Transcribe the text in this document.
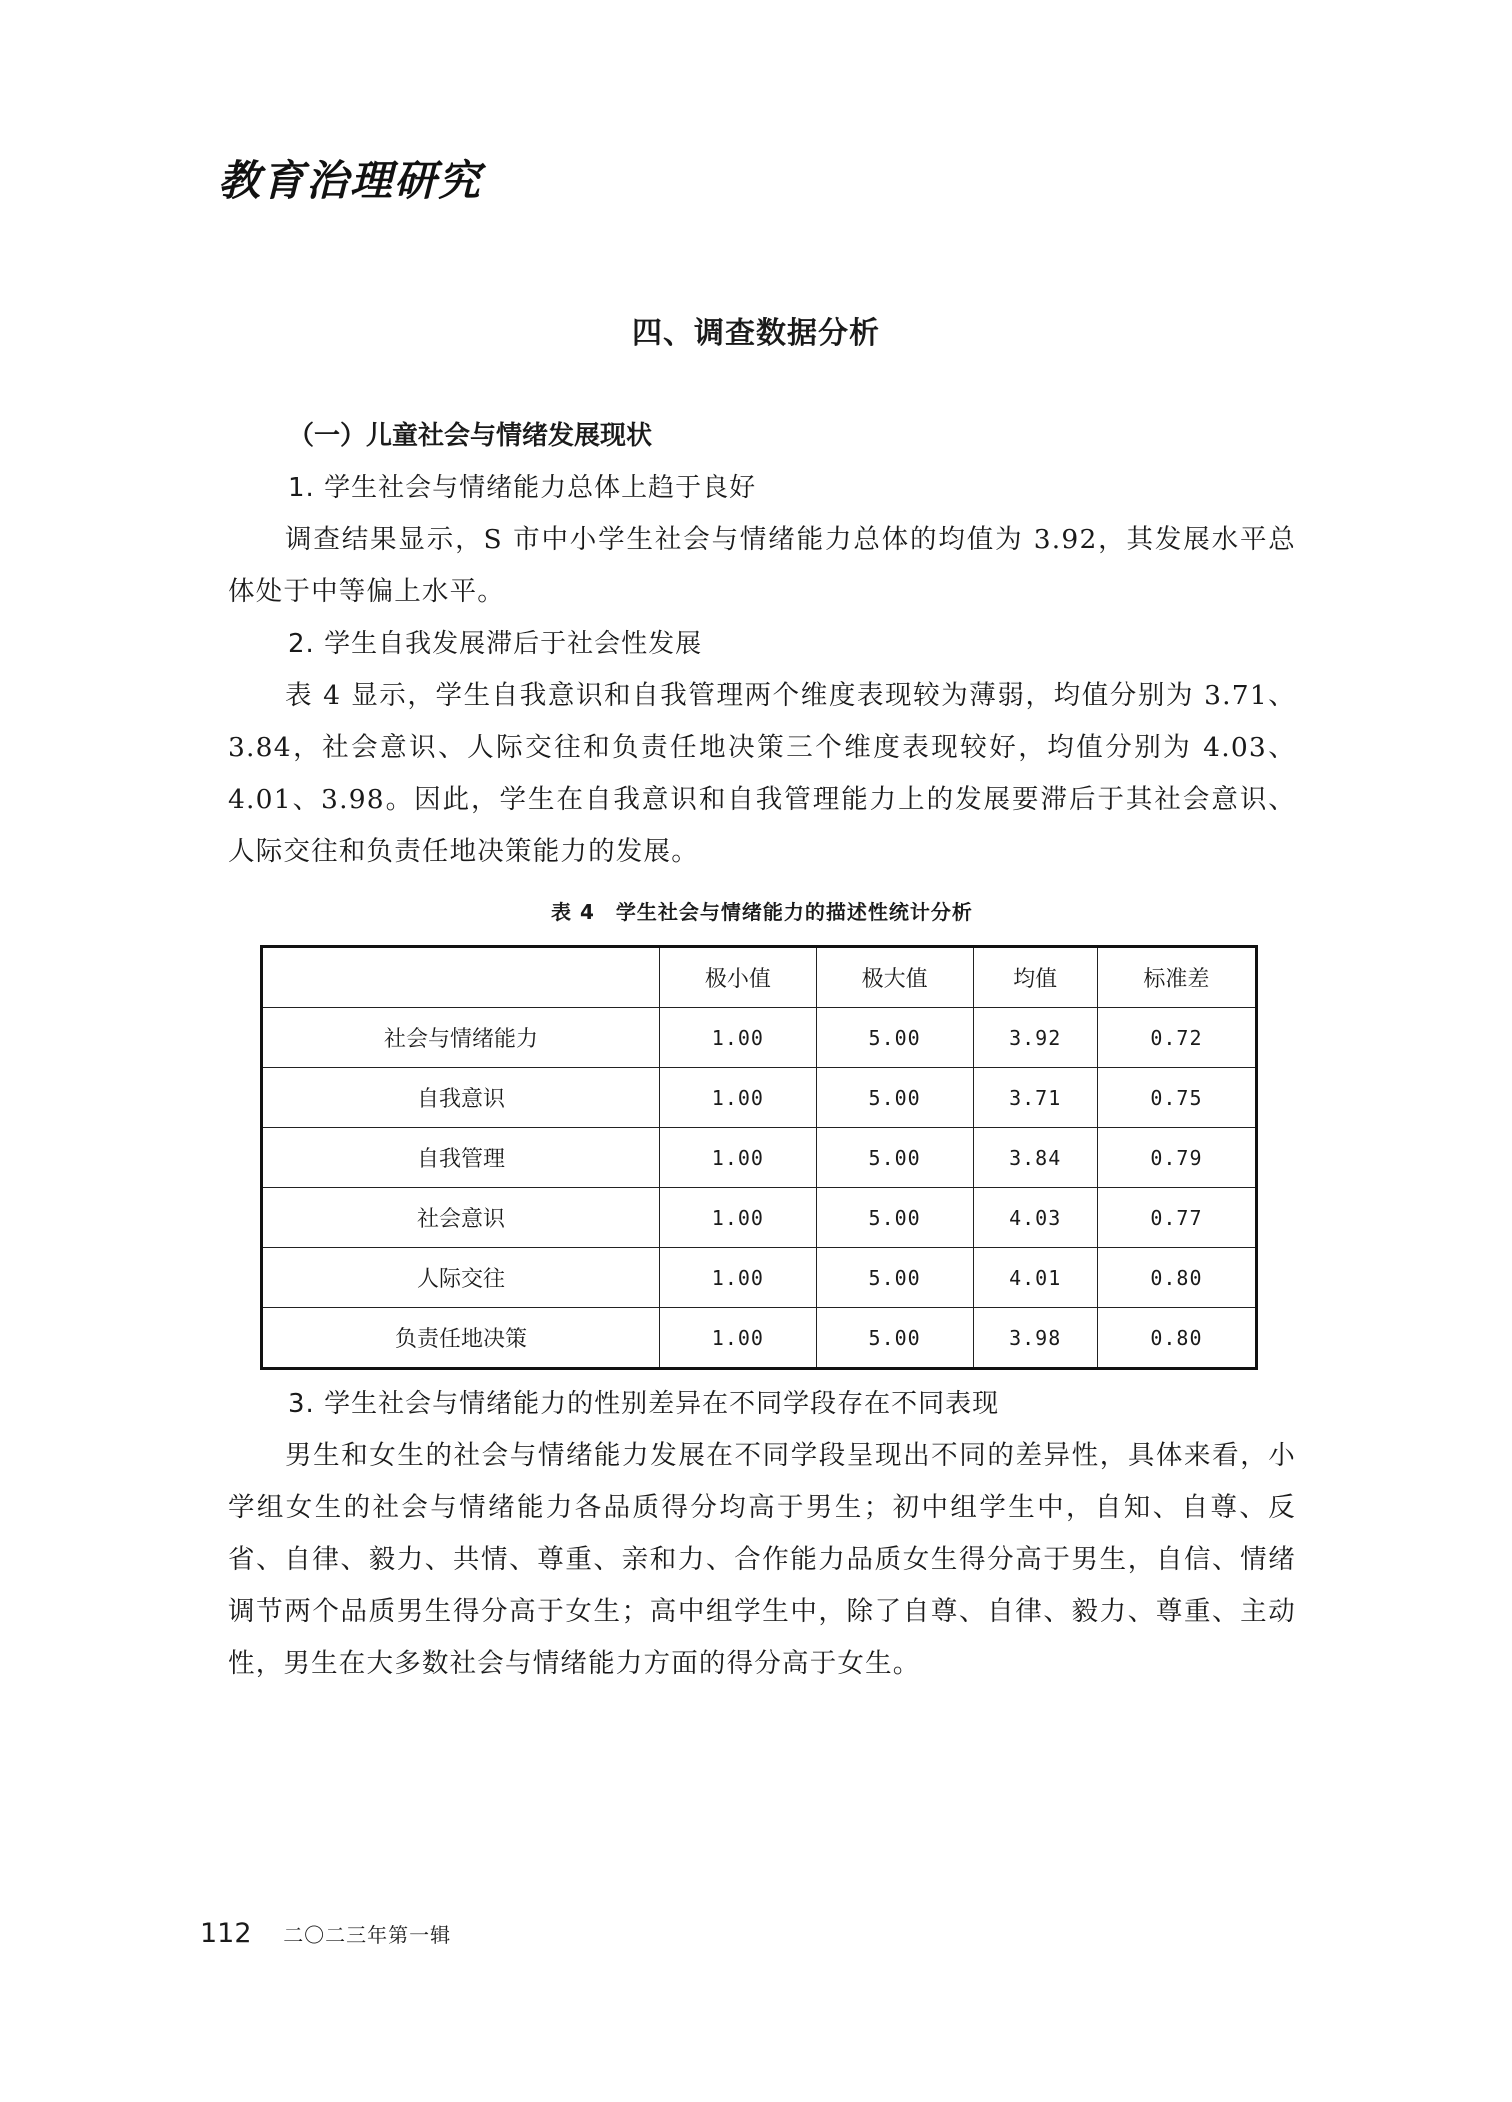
教育治理研究
四、调查数据分析
（一）儿童社会与情绪发展现状
1. 学生社会与情绪能力总体上趋于良好

调查结果显示，S 市中小学生社会与情绪能力总体的均值为 3.92，其发展水平总体处于中等偏上水平。

2. 学生自我发展滞后于社会性发展

表 4 显示，学生自我意识和自我管理两个维度表现较为薄弱，均值分别为 3.71、3.84，社会意识、人际交往和负责任地决策三个维度表现较好，均值分别为 4.03、4.01、3.98。因此，学生在自我意识和自我管理能力上的发展要滞后于其社会意识、人际交往和负责任地决策能力的发展。

表 4　学生社会与情绪能力的描述性统计分析
	极小值	极大值	均值	标准差
社会与情绪能力	1.00	5.00	3.92	0.72
自我意识	1.00	5.00	3.71	0.75
自我管理	1.00	5.00	3.84	0.79
社会意识	1.00	5.00	4.03	0.77
人际交往	1.00	5.00	4.01	0.80
负责任地决策	1.00	5.00	3.98	0.80
3. 学生社会与情绪能力的性别差异在不同学段存在不同表现

男生和女生的社会与情绪能力发展在不同学段呈现出不同的差异性，具体来看，小学组女生的社会与情绪能力各品质得分均高于男生；初中组学生中，自知、自尊、反省、自律、毅力、共情、尊重、亲和力、合作能力品质女生得分高于男生，自信、情绪调节两个品质男生得分高于女生；高中组学生中，除了自尊、自律、毅力、尊重、主动性，男生在大多数社会与情绪能力方面的得分高于女生。

112 二〇二三年第一辑
